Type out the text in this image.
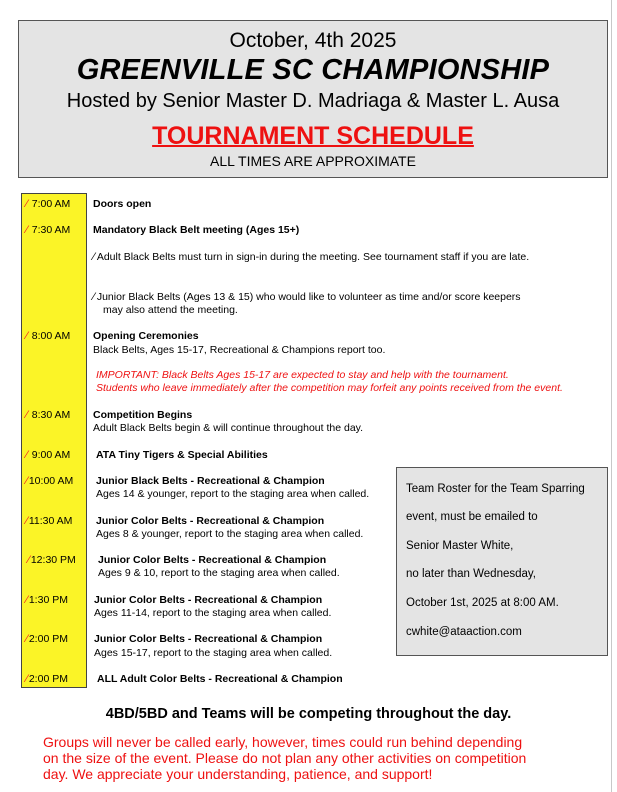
October, 4th 2025
GREENVILLE SC CHAMPIONSHIP
Hosted by Senior Master D. Madriaga & Master L. Ausa
TOURNAMENT SCHEDULE
ALL TIMES ARE APPROXIMATE
⁄ 7:00 AM
⁄ 7:30 AM
⁄ 8:00 AM
⁄ 8:30 AM
⁄ 9:00 AM
⁄10:00 AM
⁄11:30 AM
⁄12:30 PM
⁄1:30 PM
⁄2:00 PM
⁄2:00 PM
Doors open
Mandatory Black Belt meeting (Ages 15+)
⁄ Adult Black Belts must turn in sign-in during the meeting. See tournament staff if you are late.
⁄ Junior Black Belts (Ages 13 & 15) who would like to volunteer as time and/or score keepers
may also attend the meeting.
Opening Ceremonies
Black Belts, Ages 15-17, Recreational & Champions report too.
IMPORTANT: Black Belts Ages 15-17 are expected to stay and help with the tournament.
Students who leave immediately after the competition may forfeit any points received from the event.
Competition Begins
Adult Black Belts begin & will continue throughout the day.
ATA Tiny Tigers & Special Abilities
Junior Black Belts - Recreational & Champion
Ages 14 & younger, report to the staging area when called.
Junior Color Belts - Recreational & Champion
Ages 8 & younger, report to the staging area when called.
Junior Color Belts - Recreational & Champion
Ages 9 & 10, report to the staging area when called.
Junior Color Belts - Recreational & Champion
Ages 11-14, report to the staging area when called.
Junior Color Belts - Recreational & Champion
Ages 15-17, report to the staging area when called.
ALL Adult Color Belts - Recreational & Champion
Team Roster for the Team Sparring
event, must be emailed to
Senior Master White,
no later than Wednesday,
October 1st, 2025 at 8:00 AM.
cwhite@ataaction.com
4BD/5BD and Teams will be competing throughout the day.
Groups will never be called early, however, times could run behind depending
on the size of the event. Please do not plan any other activities on competition
day. We appreciate your understanding, patience, and support!
